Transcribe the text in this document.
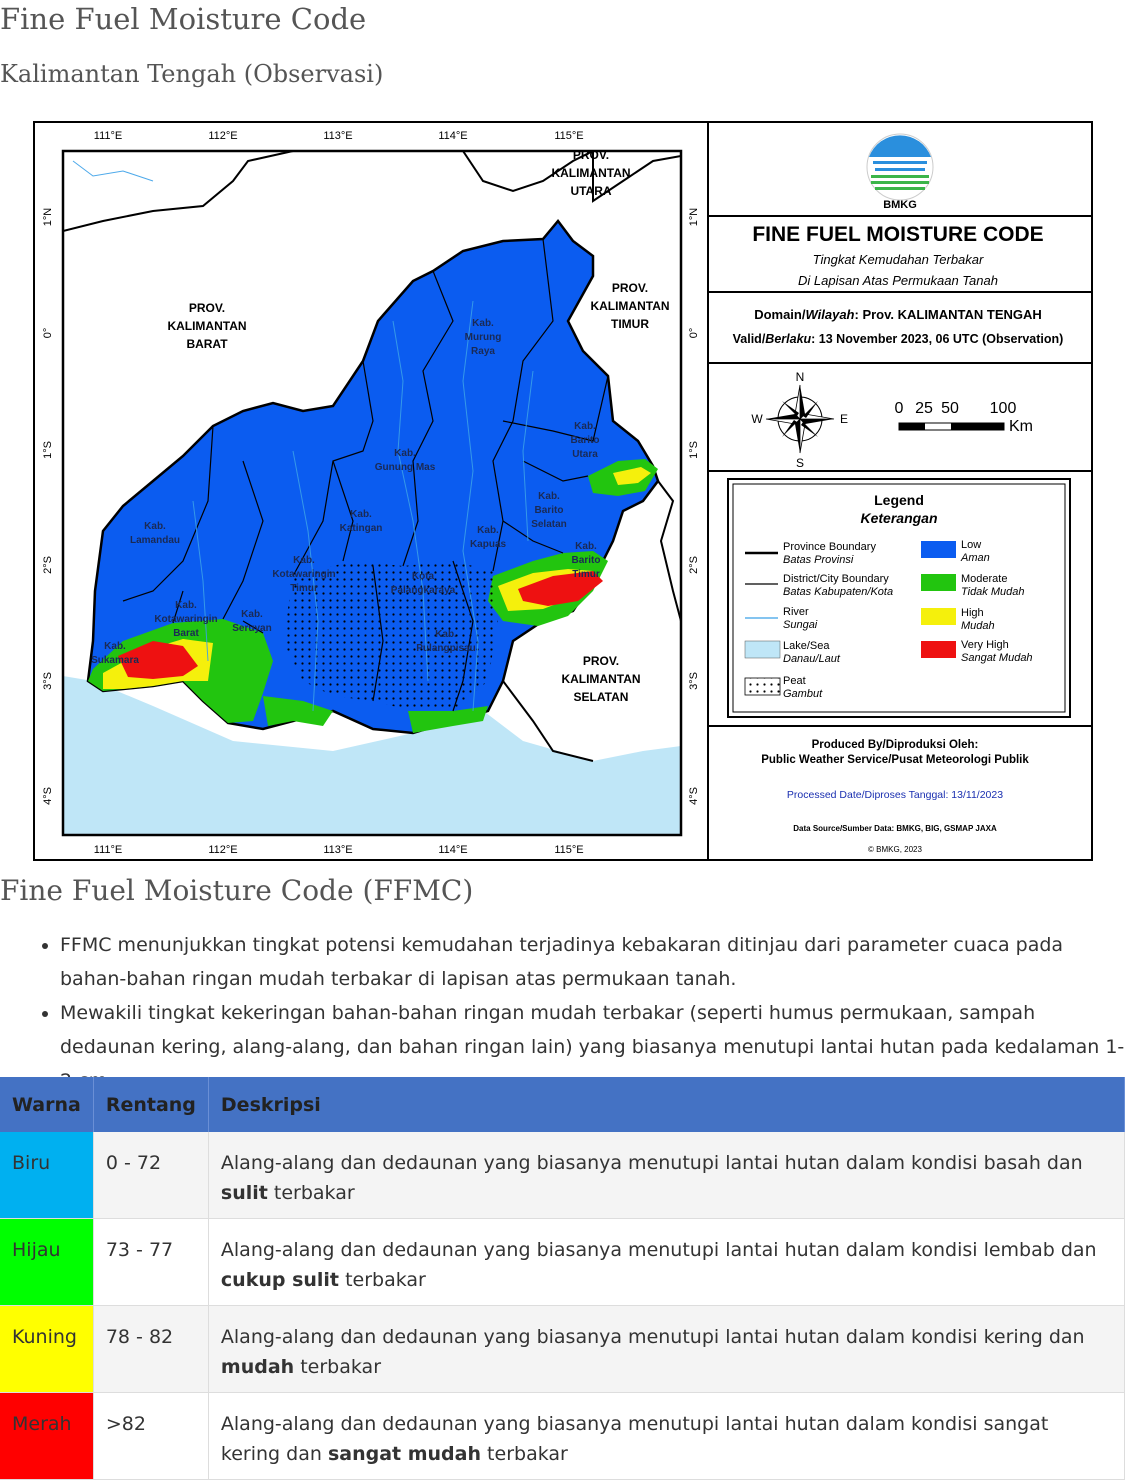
Fine Fuel Moisture Code
Kalimantan Tengah (Observasi)
111°E	112°E	113°E	114°E	115°E
111°E	112°E	113°E	114°E	115°E
1°N
0°
1°S
2°S
3°S
4°S
1°N
0°
1°S
2°S
3°S
4°S
PROV.
KALIMANTAN
UTARA
PROV.
KALIMANTAN
BARAT
PROV.
KALIMANTAN
TIMUR
PROV.
KALIMANTAN
SELATAN
Kab.
Murung
Raya
Kab.
Barito
Utara
Kab.
Gunung Mas
Kab.
Lamandau
Kab.
Katingan	Kab.
Kapuas
Kab.
Barito
Selatan
Kab.
Barito
Timur
Kab.
Kotawaringin
Timur
Kab.
Kotawaringin
Barat
Kab.
Seruyan
Kab.
Sukamara
Kota
Palangkaraya
Kab.
Pulangpisau
BMKG
FINE FUEL MOISTURE CODE
Tingkat Kemudahan Terbakar
Di Lapisan Atas Permukaan Tanah
Domain/Wilayah: Prov. KALIMANTAN TENGAH
Valid/Berlaku: 13 November 2023, 06 UTC (Observation)
N
S
E
W
0 25 50 100
Km
Legend
Keterangan
Province Boundary
Batas Provinsi
District/City Boundary
Batas Kabupaten/Kota
River
Sungai
Lake/Sea
Danau/Laut
Peat
Gambut
Low
Aman
Moderate
Tidak Mudah
High
Mudah
Very High
Sangat Mudah
Produced By/Diproduksi Oleh:
Public Weather Service/Pusat Meteorologi Publik
Processed Date/Diproses Tanggal: 13/11/2023
Data Source/Sumber Data: BMKG, BIG, GSMAP JAXA
© BMKG, 2023
Fine Fuel Moisture Code (FFMC)
• FFMC menunjukkan tingkat potensi kemudahan terjadinya kebakaran ditinjau dari parameter cuaca pada bahan-bahan ringan mudah terbakar di lapisan atas permukaan tanah.
• Mewakili tingkat kekeringan bahan-bahan ringan mudah terbakar (seperti humus permukaan, sampah dedaunan kering, alang-alang, dan bahan ringan lain) yang biasanya menutupi lantai hutan pada kedalaman 1-
Warna	Rentang	Deskripsi
Biru	0 - 72	Alang-alang dan dedaunan yang biasanya menutupi lantai hutan dalam kondisi basah dan sulit terbakar
Hijau	73 - 77	Alang-alang dan dedaunan yang biasanya menutupi lantai hutan dalam kondisi lembab dan cukup sulit terbakar
Kuning	78 - 82	Alang-alang dan dedaunan yang biasanya menutupi lantai hutan dalam kondisi kering dan mudah terbakar
Merah	>82	Alang-alang dan dedaunan yang biasanya menutupi lantai hutan dalam kondisi sangat kering dan sangat mudah terbakar
